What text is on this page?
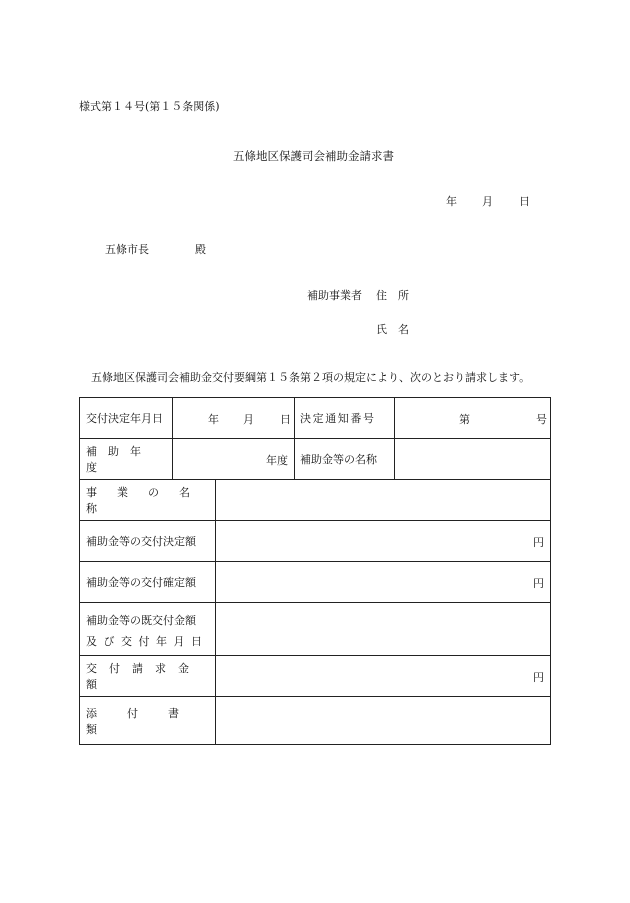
様式第１４号(第１５条関係)
五條地区保護司会補助金請求書
年 月 日
五條市長	殿
補助事業者 住　所
氏　名
五條地区保護司会補助金交付要綱第１５条第２項の規定により、次のとおり請求します。
交付決定年月日	年 月 日 決定通知番号	第	号
補助年度	年度 補助金等の名称
事業の名称
補助金等の交付決定額	円
補助金等の交付確定額	円
補助金等の既交付金額
及び交付年月日
交付請求金額	円
添付書類
